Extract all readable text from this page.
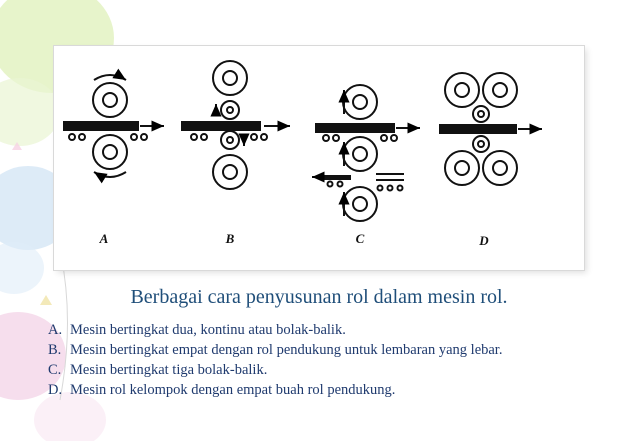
A	B	C	D
Berbagai cara penyusunan rol dalam mesin rol.
A. Mesin bertingkat dua, kontinu atau bolak-balik.
B. Mesin bertingkat empat dengan rol pendukung untuk lembaran yang lebar.
C. Mesin bertingkat tiga bolak-balik.
D. Mesin rol kelompok dengan empat buah rol pendukung.
